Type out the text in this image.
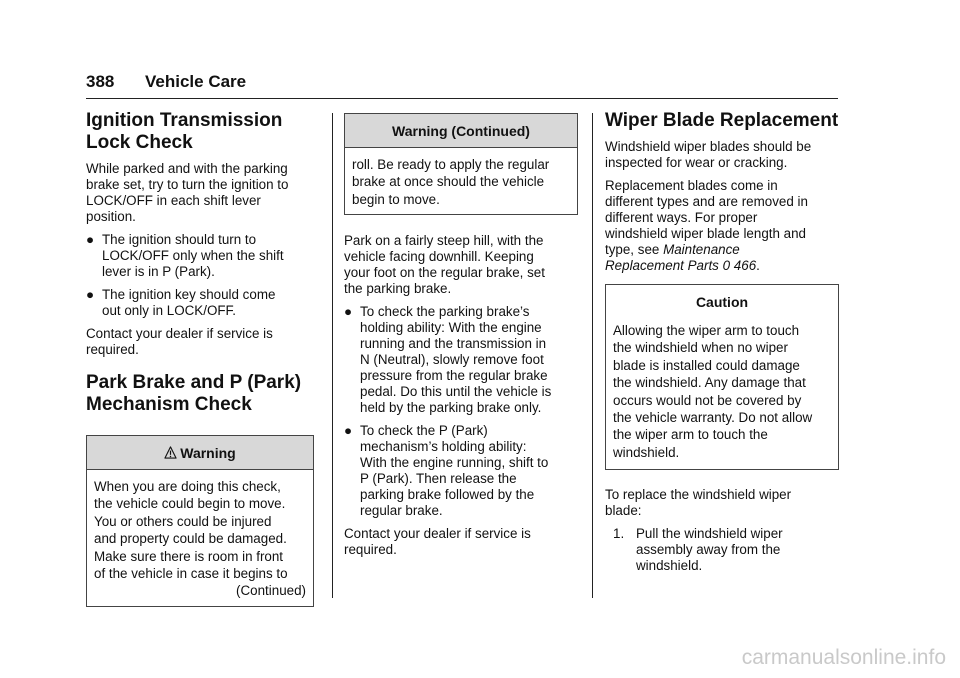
388 Vehicle Care
Ignition Transmission
Lock Check

While parked and with the parking
brake set, try to turn the ignition to
LOCK/OFF in each shift lever
position.

● The ignition should turn to
LOCK/OFF only when the shift
lever is in P (Park).
● The ignition key should come
out only in LOCK/OFF.

Contact your dealer if service is
required.

Park Brake and P (Park)
Mechanism Check
Warning
When you are doing this check,
the vehicle could begin to move.
You or others could be injured
and property could be damaged.
Make sure there is room in front
of the vehicle in case it begins to
(Continued)
Warning (Continued)
roll. Be ready to apply the regular
brake at once should the vehicle
begin to move.

Park on a fairly steep hill, with the
vehicle facing downhill. Keeping
your foot on the regular brake, set
the parking brake.

● To check the parking brake’s
holding ability: With the engine
running and the transmission in
N (Neutral), slowly remove foot
pressure from the regular brake
pedal. Do this until the vehicle is
held by the parking brake only.
● To check the P (Park)
mechanism’s holding ability:
With the engine running, shift to
P (Park). Then release the
parking brake followed by the
regular brake.

Contact your dealer if service is
required.

Wiper Blade Replacement

Windshield wiper blades should be
inspected for wear or cracking.

Replacement blades come in
different types and are removed in
different ways. For proper
windshield wiper blade length and
type, see Maintenance
Replacement Parts 0 466.

Caution
Allowing the wiper arm to touch
the windshield when no wiper
blade is installed could damage
the windshield. Any damage that
occurs would not be covered by
the vehicle warranty. Do not allow
the wiper arm to touch the
windshield.

To replace the windshield wiper
blade:

1. Pull the windshield wiper
assembly away from the
windshield.
carmanualsonline.info
